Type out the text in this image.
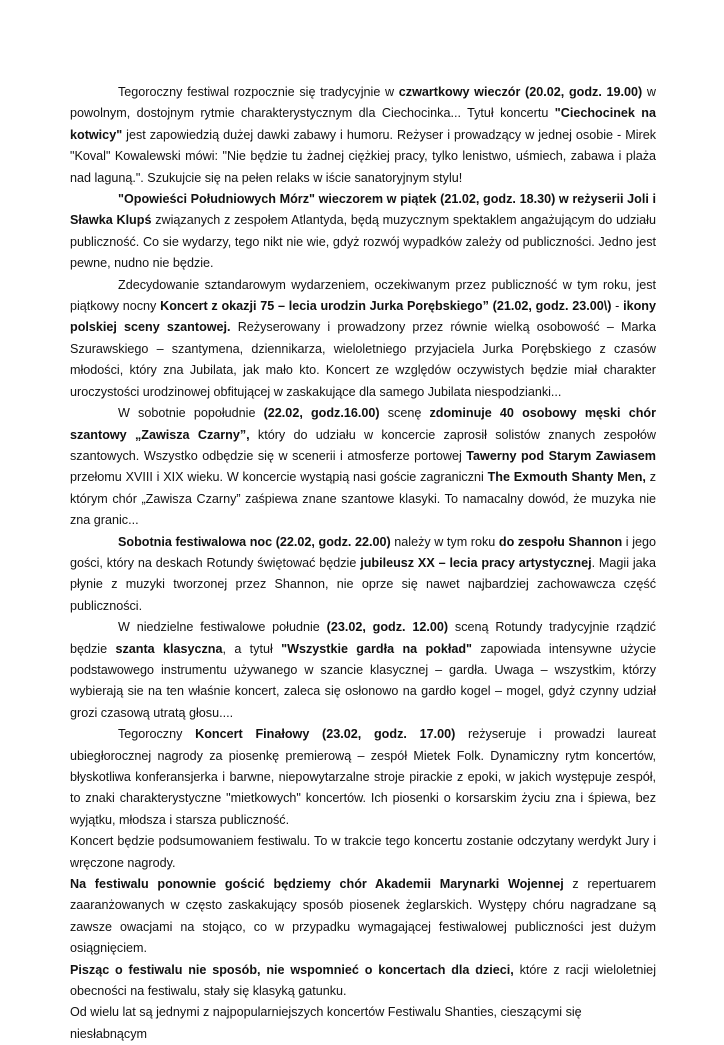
Tegoroczny festiwal rozpocznie się tradycyjnie w czwartkowy wieczór (20.02, godz. 19.00) w powolnym, dostojnym rytmie charakterystycznym dla Ciechocinka... Tytuł koncertu "Ciechocinek na kotwicy" jest zapowiedzią dużej dawki zabawy i humoru. Reżyser i prowadzący w jednej osobie - Mirek "Koval" Kowalewski mówi: "Nie będzie tu żadnej ciężkiej pracy, tylko lenistwo, uśmiech, zabawa i plaża nad laguną.". Szukujcie się na pełen relaks w iście sanatoryjnym stylu!

"Opowieści Południowych Mórz" wieczorem w piątek (21.02, godz. 18.30) w reżyserii Joli i Sławka Klupś związanych z zespołem Atlantyda, będą muzycznym spektaklem angażującym do udziału publiczność. Co sie wydarzy, tego nikt nie wie, gdyż rozwój wypadków zależy od publiczności. Jedno jest pewne, nudno nie będzie.

Zdecydowanie sztandarowym wydarzeniem, oczekiwanym przez publiczność w tym roku, jest piątkowy nocny Koncert z okazji 75 – lecia urodzin Jurka Porębskiego” (21.02, godz. 23.00\) - ikony polskiej sceny szantowej. Reżyserowany i prowadzony przez równie wielką osobowość – Marka Szurawskiego – szantymena, dziennikarza, wieloletniego przyjaciela Jurka Porębskiego z czasów młodości, który zna Jubilata, jak mało kto. Koncert ze względów oczywistych będzie miał charakter uroczystości urodzinowej obfitującej w zaskakujące dla samego Jubilata niespodzianki...

W sobotnie popołudnie (22.02, godz.16.00) scenę zdominuje 40 osobowy męski chór szantowy „Zawisza Czarny”, który do udziału w koncercie zaprosił solistów znanych zespołów szantowych. Wszystko odbędzie się w scenerii i atmosferze portowej Tawerny pod Starym Zawiasem przełomu XVIII i XIX wieku. W koncercie wystąpią nasi goście zagraniczni The Exmouth Shanty Men, z którym chór „Zawisza Czarny” zaśpiewa znane szantowe klasyki. To namacalny dowód, że muzyka nie zna granic...

Sobotnia festiwalowa noc (22.02, godz. 22.00) należy w tym roku do zespołu Shannon i jego gości, który na deskach Rotundy świętować będzie jubileusz XX – lecia pracy artystycznej. Magii jaka płynie z muzyki tworzonej przez Shannon, nie oprze się nawet najbardziej zachowawcza część publiczności.

W niedzielne festiwalowe południe (23.02, godz. 12.00) sceną Rotundy tradycyjnie rządzić będzie szanta klasyczna, a tytuł "Wszystkie gardła na pokład" zapowiada intensywne użycie podstawowego instrumentu używanego w szancie klasycznej – gardła. Uwaga – wszystkim, którzy wybierają sie na ten właśnie koncert, zaleca się osłonowo na gardło kogel – mogel, gdyż czynny udział grozi czasową utratą głosu....

Tegoroczny Koncert Finałowy (23.02, godz. 17.00) reżyseruje i prowadzi laureat ubiegłorocznej nagrody za piosenkę premierową – zespół Mietek Folk. Dynamiczny rytm koncertów, błyskotliwa konferansjerka i barwne, niepowytarzalne stroje pirackie z epoki, w jakich występuje zespół, to znaki charakterystyczne "mietkowych" koncertów. Ich piosenki o korsarskim życiu zna i śpiewa, bez wyjątku, młodsza i starsza publiczność.

Koncert będzie podsumowaniem festiwalu. To w trakcie tego koncertu zostanie odczytany werdykt Jury i wręczone nagrody.

Na festiwalu ponownie gościć będziemy chór Akademii Marynarki Wojennej z repertuarem zaaranżowanych w często zaskakujący sposób piosenek żeglarskich. Występy chóru nagradzane są zawsze owacjami na stojąco, co w przypadku wymagającej festiwalowej publiczności jest dużym osiągnięciem.

Pisząc o festiwalu nie sposób, nie wspomnieć o koncertach dla dzieci, które z racji wieloletniej obecności na festiwalu, stały się klasyką gatunku.

Od wielu lat są jednymi z najpopularniejszych koncertów Festiwalu Shanties, cieszącymi się niesłabnącym
